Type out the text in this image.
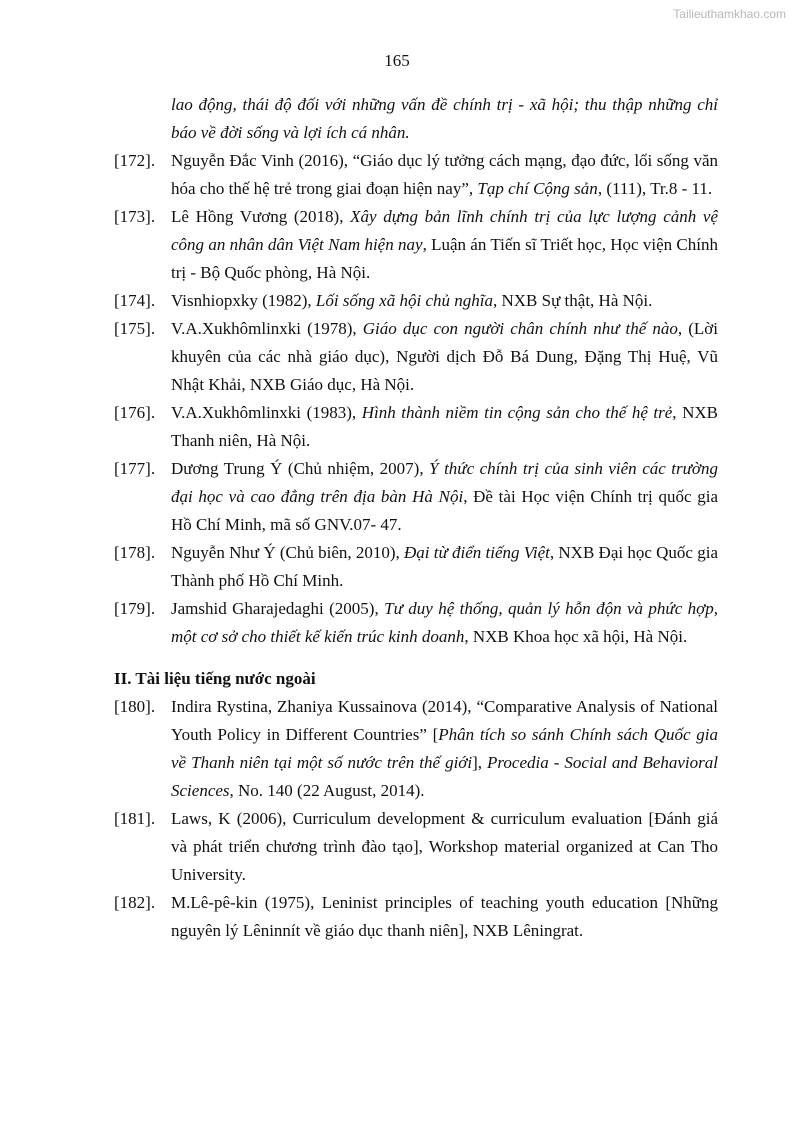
Tailieuthamkhao.com
165
lao động, thái độ đối với những vấn đề chính trị - xã hội; thu thập những chỉ báo về đời sống và lợi ích cá nhân.
[172]. Nguyễn Đắc Vinh (2016), “Giáo dục lý tưởng cách mạng, đạo đức, lối sống văn hóa cho thế hệ trẻ trong giai đoạn hiện nay”, Tạp chí Cộng sản, (111), Tr.8 - 11.
[173]. Lê Hồng Vương (2018), Xây dựng bản lĩnh chính trị của lực lượng cảnh vệ công an nhân dân Việt Nam hiện nay, Luận án Tiến sĩ Triết học, Học viện Chính trị - Bộ Quốc phòng, Hà Nội.
[174]. Visnhiopxky (1982), Lối sống xã hội chủ nghĩa, NXB Sự thật, Hà Nội.
[175]. V.A.Xukhômlinxki (1978), Giáo dục con người chân chính như thế nào, (Lời khuyên của các nhà giáo dục), Người dịch Đỗ Bá Dung, Đặng Thị Huệ, Vũ Nhật Khải, NXB Giáo dục, Hà Nội.
[176]. V.A.Xukhômlinxki (1983), Hình thành niềm tin cộng sản cho thế hệ trẻ, NXB Thanh niên, Hà Nội.
[177]. Dương Trung Ý (Chủ nhiệm, 2007), Ý thức chính trị của sinh viên các trường đại học và cao đẳng trên địa bàn Hà Nội, Đề tài Học viện Chính trị quốc gia Hồ Chí Minh, mã số GNV.07- 47.
[178]. Nguyễn Như Ý (Chủ biên, 2010), Đại từ điển tiếng Việt, NXB Đại học Quốc gia Thành phố Hồ Chí Minh.
[179]. Jamshid Gharajedaghi (2005), Tư duy hệ thống, quản lý hỗn độn và phức hợp, một cơ sở cho thiết kế kiến trúc kinh doanh, NXB Khoa học xã hội, Hà Nội.
II. Tài liệu tiếng nước ngoài
[180]. Indira Rystina, Zhaniya Kussainova (2014), “Comparative Analysis of National Youth Policy in Different Countries” [Phân tích so sánh Chính sách Quốc gia về Thanh niên tại một số nước trên thế giới], Procedia - Social and Behavioral Sciences, No. 140 (22 August, 2014).
[181]. Laws, K (2006), Curriculum development & curriculum evaluation [Đánh giá và phát triển chương trình đào tạo], Workshop material organized at Can Tho University.
[182]. M.Lê-pê-kin (1975), Leninist principles of teaching youth education [Những nguyên lý Lêninnít về giáo dục thanh niên], NXB Lêningrat.
